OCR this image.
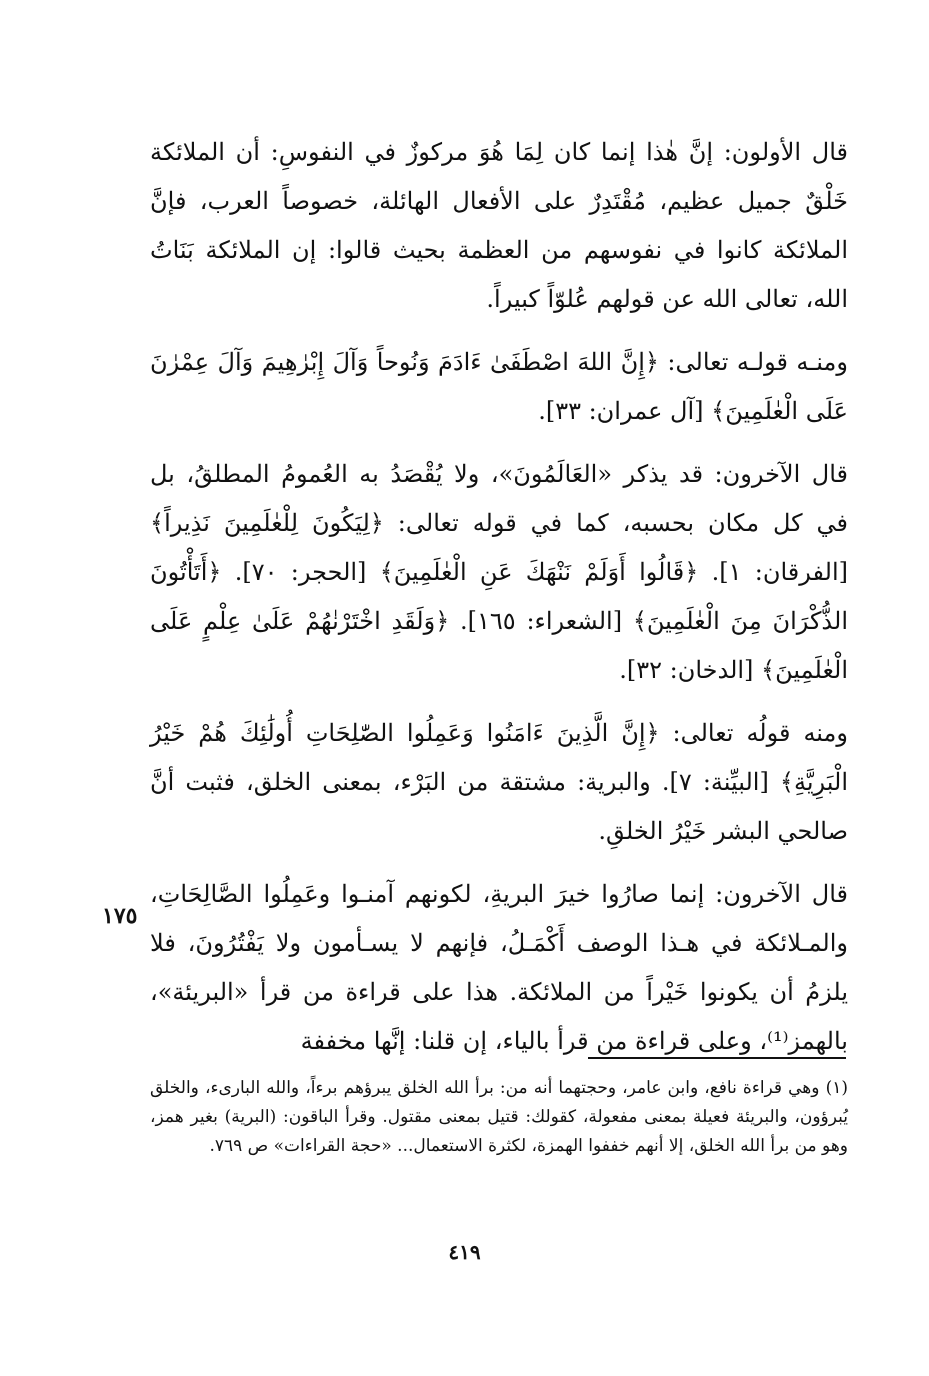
قال الأولون: إنَّ هٰذا إنما كان لِمَا هُوَ مركوزٌ في النفوسِ: أن الملائكة خَلْقٌ جميل عظيم، مُقْتَدِرٌ على الأفعال الهائلة، خصوصاً العرب، فإنَّ الملائكة كانوا في نفوسهم من العظمة بحيث قالوا: إن الملائكة بَنَاتُ الله، تعالى الله عن قولهم عُلوّاً كبيراً.

ومنـه قولـه تعالى: ﴿إِنَّ اللهَ اصْطَفَىٰ ءَادَمَ وَنُوحاً وَآلَ إِبْرٰهِيمَ وَآلَ عِمْرٰنَ عَلَى الْعٰلَمِينَ﴾ [آل عمران: ٣٣].

قال الآخرون: قد يذكر «العَالَمُونَ»، ولا يُقْصَدُ به العُمومُ المطلقُ، بل في كل مكان بحسبه، كما في قوله تعالى: ﴿لِيَكُونَ لِلْعٰلَمِينَ نَذِيراً﴾ [الفرقان: ١]. ﴿قَالُوا أَوَلَمْ نَنْهَكَ عَنِ الْعٰلَمِينَ﴾ [الحجر: ٧٠]. ﴿أَتَأْتُونَ الذُّكْرَانَ مِنَ الْعٰلَمِينَ﴾ [الشعراء: ١٦٥]. ﴿وَلَقَدِ اخْتَرْنٰهُمْ عَلَىٰ عِلْمٍ عَلَى الْعٰلَمِينَ﴾ [الدخان: ٣٢].

ومنه قولُه تعالى: ﴿إِنَّ الَّذِينَ ءَامَنُوا وَعَمِلُوا الصّٰلِحَاتِ أُولَٰئِكَ هُمْ خَيْرُ الْبَرِيَّةِ﴾ [البيِّنة: ٧]. والبرية: مشتقة من البَرْء، بمعنى الخلق، فثبت أنَّ صالحي البشر خَيْرُ الخلقِ.

قال الآخرون: إنما صارُوا خيرَ البريةِ، لكونهم آمنـوا وعَمِلُوا الصَّالِحَاتِ، والمـلائكة في هـذا الوصف أَكْمَـلُ، فإنهم لا يسـأمون ولا يَفْتُرُونَ، فلا يلزمُ أن يكونوا خَيْراً من الملائكة. هذا على قراءة من قرأ «البريئة»، بالهمز⁽¹⁾، وعلى قراءة من قرأ بالياء، إن قلنا: إنَّها مخففة

١٧٥
(١) وهي قراءة نافع، وابن عامر، وحجتهما أنه من: برأ الله الخلق يبرؤهم برءاً، والله البارىء، والخلق يُبرؤون، والبريئة فعيلة بمعنى مفعولة، كقولك: قتيل بمعنى مقتول. وقرأ الباقون: (البرية) بغير همز، وهو من برأ الله الخلق، إلا أنهم خففوا الهمزة، لكثرة الاستعمال... «حجة القراءات» ص ٧٦٩.
٤١٩
